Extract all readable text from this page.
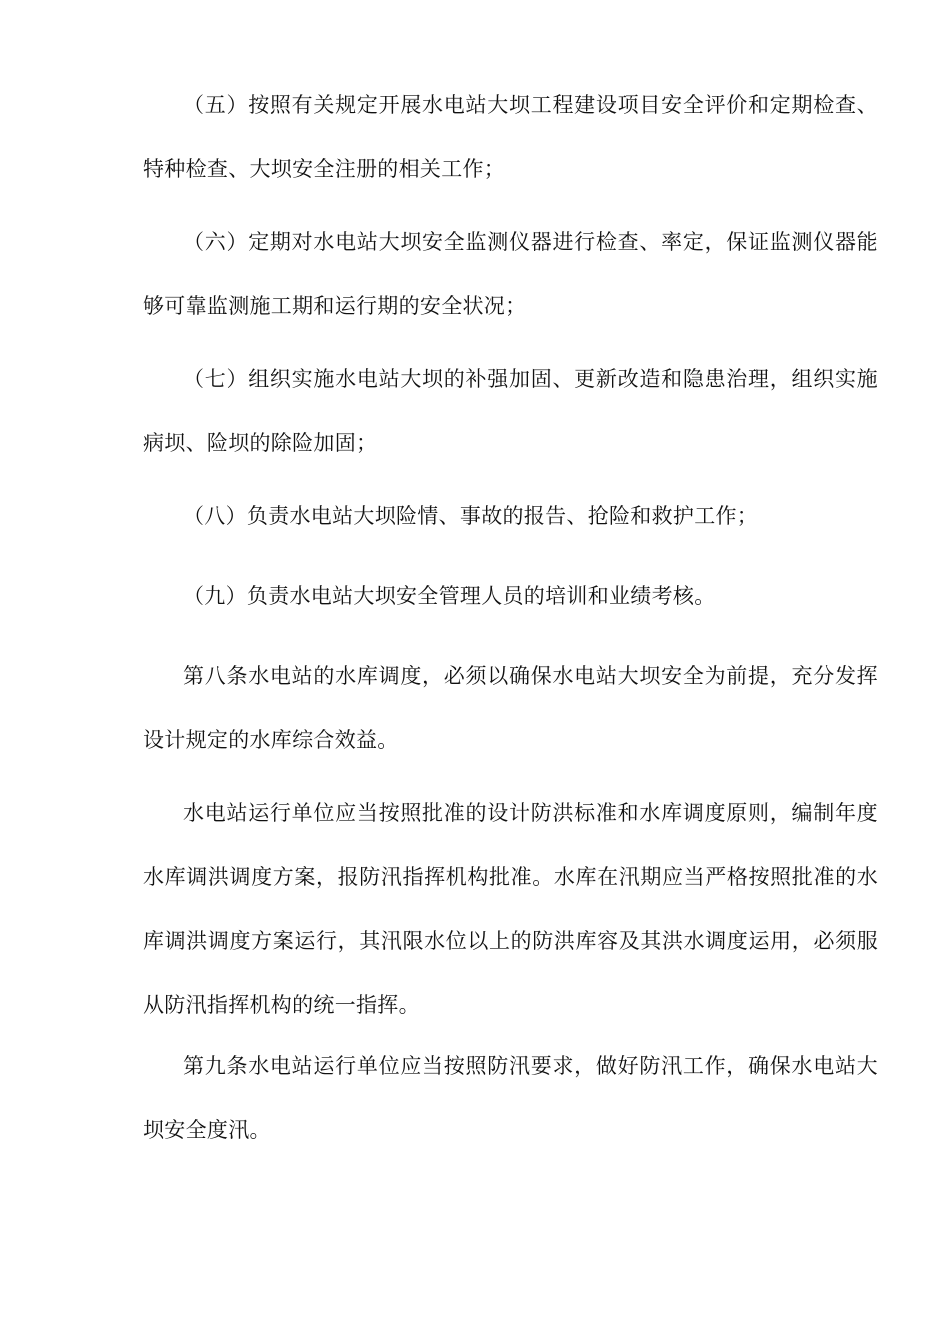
（五）按照有关规定开展水电站大坝工程建设项目安全评价和定期检查、特种检查、大坝安全注册的相关工作；

（六）定期对水电站大坝安全监测仪器进行检查、率定，保证监测仪器能够可靠监测施工期和运行期的安全状况；

（七）组织实施水电站大坝的补强加固、更新改造和隐患治理，组织实施病坝、险坝的除险加固；

（八）负责水电站大坝险情、事故的报告、抢险和救护工作；

（九）负责水电站大坝安全管理人员的培训和业绩考核。

第八条水电站的水库调度，必须以确保水电站大坝安全为前提，充分发挥设计规定的水库综合效益。

水电站运行单位应当按照批准的设计防洪标准和水库调度原则，编制年度水库调洪调度方案，报防汛指挥机构批准。水库在汛期应当严格按照批准的水库调洪调度方案运行，其汛限水位以上的防洪库容及其洪水调度运用，必须服从防汛指挥机构的统一指挥。

第九条水电站运行单位应当按照防汛要求，做好防汛工作，确保水电站大坝安全度汛。
